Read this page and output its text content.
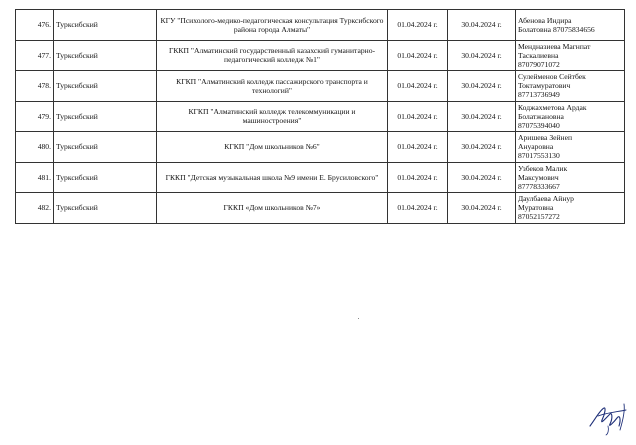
476.	Турксибский	КГУ "Психолого-медико-педагогическая консультация Турксибского района города Алматы"	01.04.2024 г.	30.04.2024 г.	Абенова Индира
Болатовна 87075834656

477.	Турксибский	ГККП "Алматинский государственный казахский гуманитарно-педагогический колледж №1"	01.04.2024 г.	30.04.2024 г.	Мендназиева Магнпат
Таскалиевна
87079071072

478.	Турксибский	КГКП "Алматинский колледж пассажирского транспорта и технологий"	01.04.2024 г.	30.04.2024 г.	Сулейменов Сейтбек
Токтамуратович
87713736949

479.	Турксибский	КГКП "Алматинский колледж телекоммуникации и машиностроения"	01.04.2024 г.	30.04.2024 г.	Коджахметова Ардак
Болатжановна
87075394040

480.	Турксибский	КГКП "Дом школьников №6"	01.04.2024 г.	30.04.2024 г.	Аришева Зейнеп
Ануаровна
87017553130

481.	Турксибский	ГККП "Детская музыкальная школа №9 имени Е. Брусиловского"	01.04.2024 г.	30.04.2024 г.	Узбеков Малик
Максумович
87778333667

482.	Турксибский	ГККП «Дом школьников №7»	01.04.2024 г.	30.04.2024 г.	Даулбаева Айнур
Муратовна
87052157272
